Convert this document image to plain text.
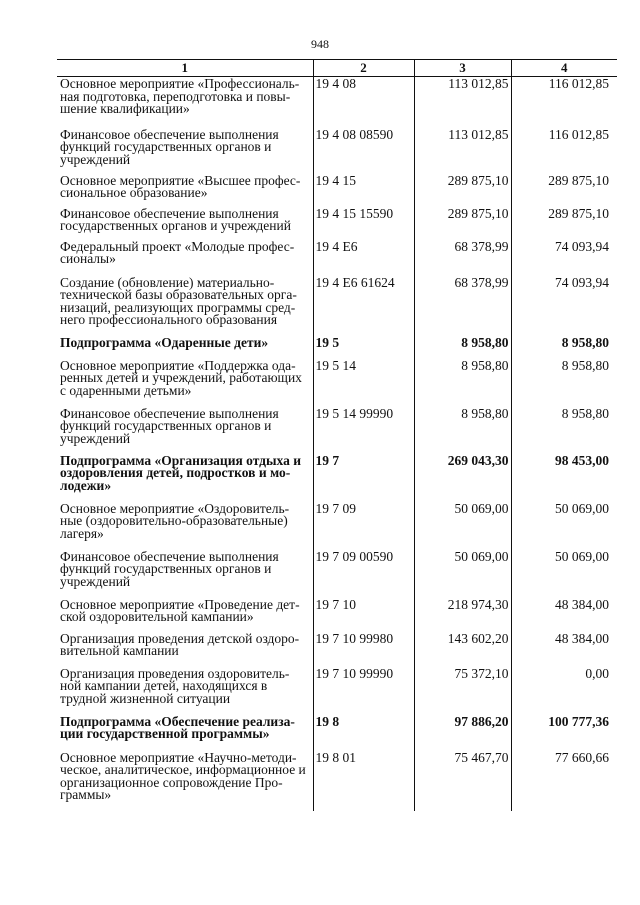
948
1	2	3	4
Основное мероприятие «Профессиональ-ная подготовка, переподготовка и повы-шение квалификации»	19 4 08	113 012,85	116 012,85
Финансовое обеспечение выполнения функций государственных органов и учреждений	19 4 08 08590	113 012,85	116 012,85
Основное мероприятие «Высшее профес-сиональное образование»	19 4 15	289 875,10	289 875,10
Финансовое обеспечение выполнения государственных органов и учреждений	19 4 15 15590	289 875,10	289 875,10
Федеральный проект «Молодые профес-сионалы»	19 4 Е6	68 378,99	74 093,94
Создание (обновление) материально-технической базы образовательных орга-низаций, реализующих программы сред-него профессионального образования	19 4 Е6 61624	68 378,99	74 093,94
Подпрограмма «Одаренные дети»	19 5	8 958,80	8 958,80
Основное мероприятие «Поддержка ода-ренных детей и учреждений, работающих с одаренными детьми»	19 5 14	8 958,80	8 958,80
Финансовое обеспечение выполнения функций государственных органов и учреждений	19 5 14 99990	8 958,80	8 958,80
Подпрограмма «Организация отдыха и оздоровления детей, подростков и мо-лодежи»	19 7	269 043,30	98 453,00
Основное мероприятие «Оздоровитель-ные (оздоровительно-образовательные) лагеря»	19 7 09	50 069,00	50 069,00
Финансовое обеспечение выполнения функций государственных органов и учреждений	19 7 09 00590	50 069,00	50 069,00
Основное мероприятие «Проведение дет-ской оздоровительной кампании»	19 7 10	218 974,30	48 384,00
Организация проведения детской оздоро-вительной кампании	19 7 10 99980	143 602,20	48 384,00
Организация проведения оздоровитель-ной кампании детей, находящихся в трудной жизненной ситуации	19 7 10 99990	75 372,10	0,00
Подпрограмма «Обеспечение реализа-ции государственной программы»	19 8	97 886,20	100 777,36
Основное мероприятие «Научно-методи-ческое, аналитическое, информационное и организационное сопровождение Про-граммы»	19 8 01	75 467,70	77 660,66
